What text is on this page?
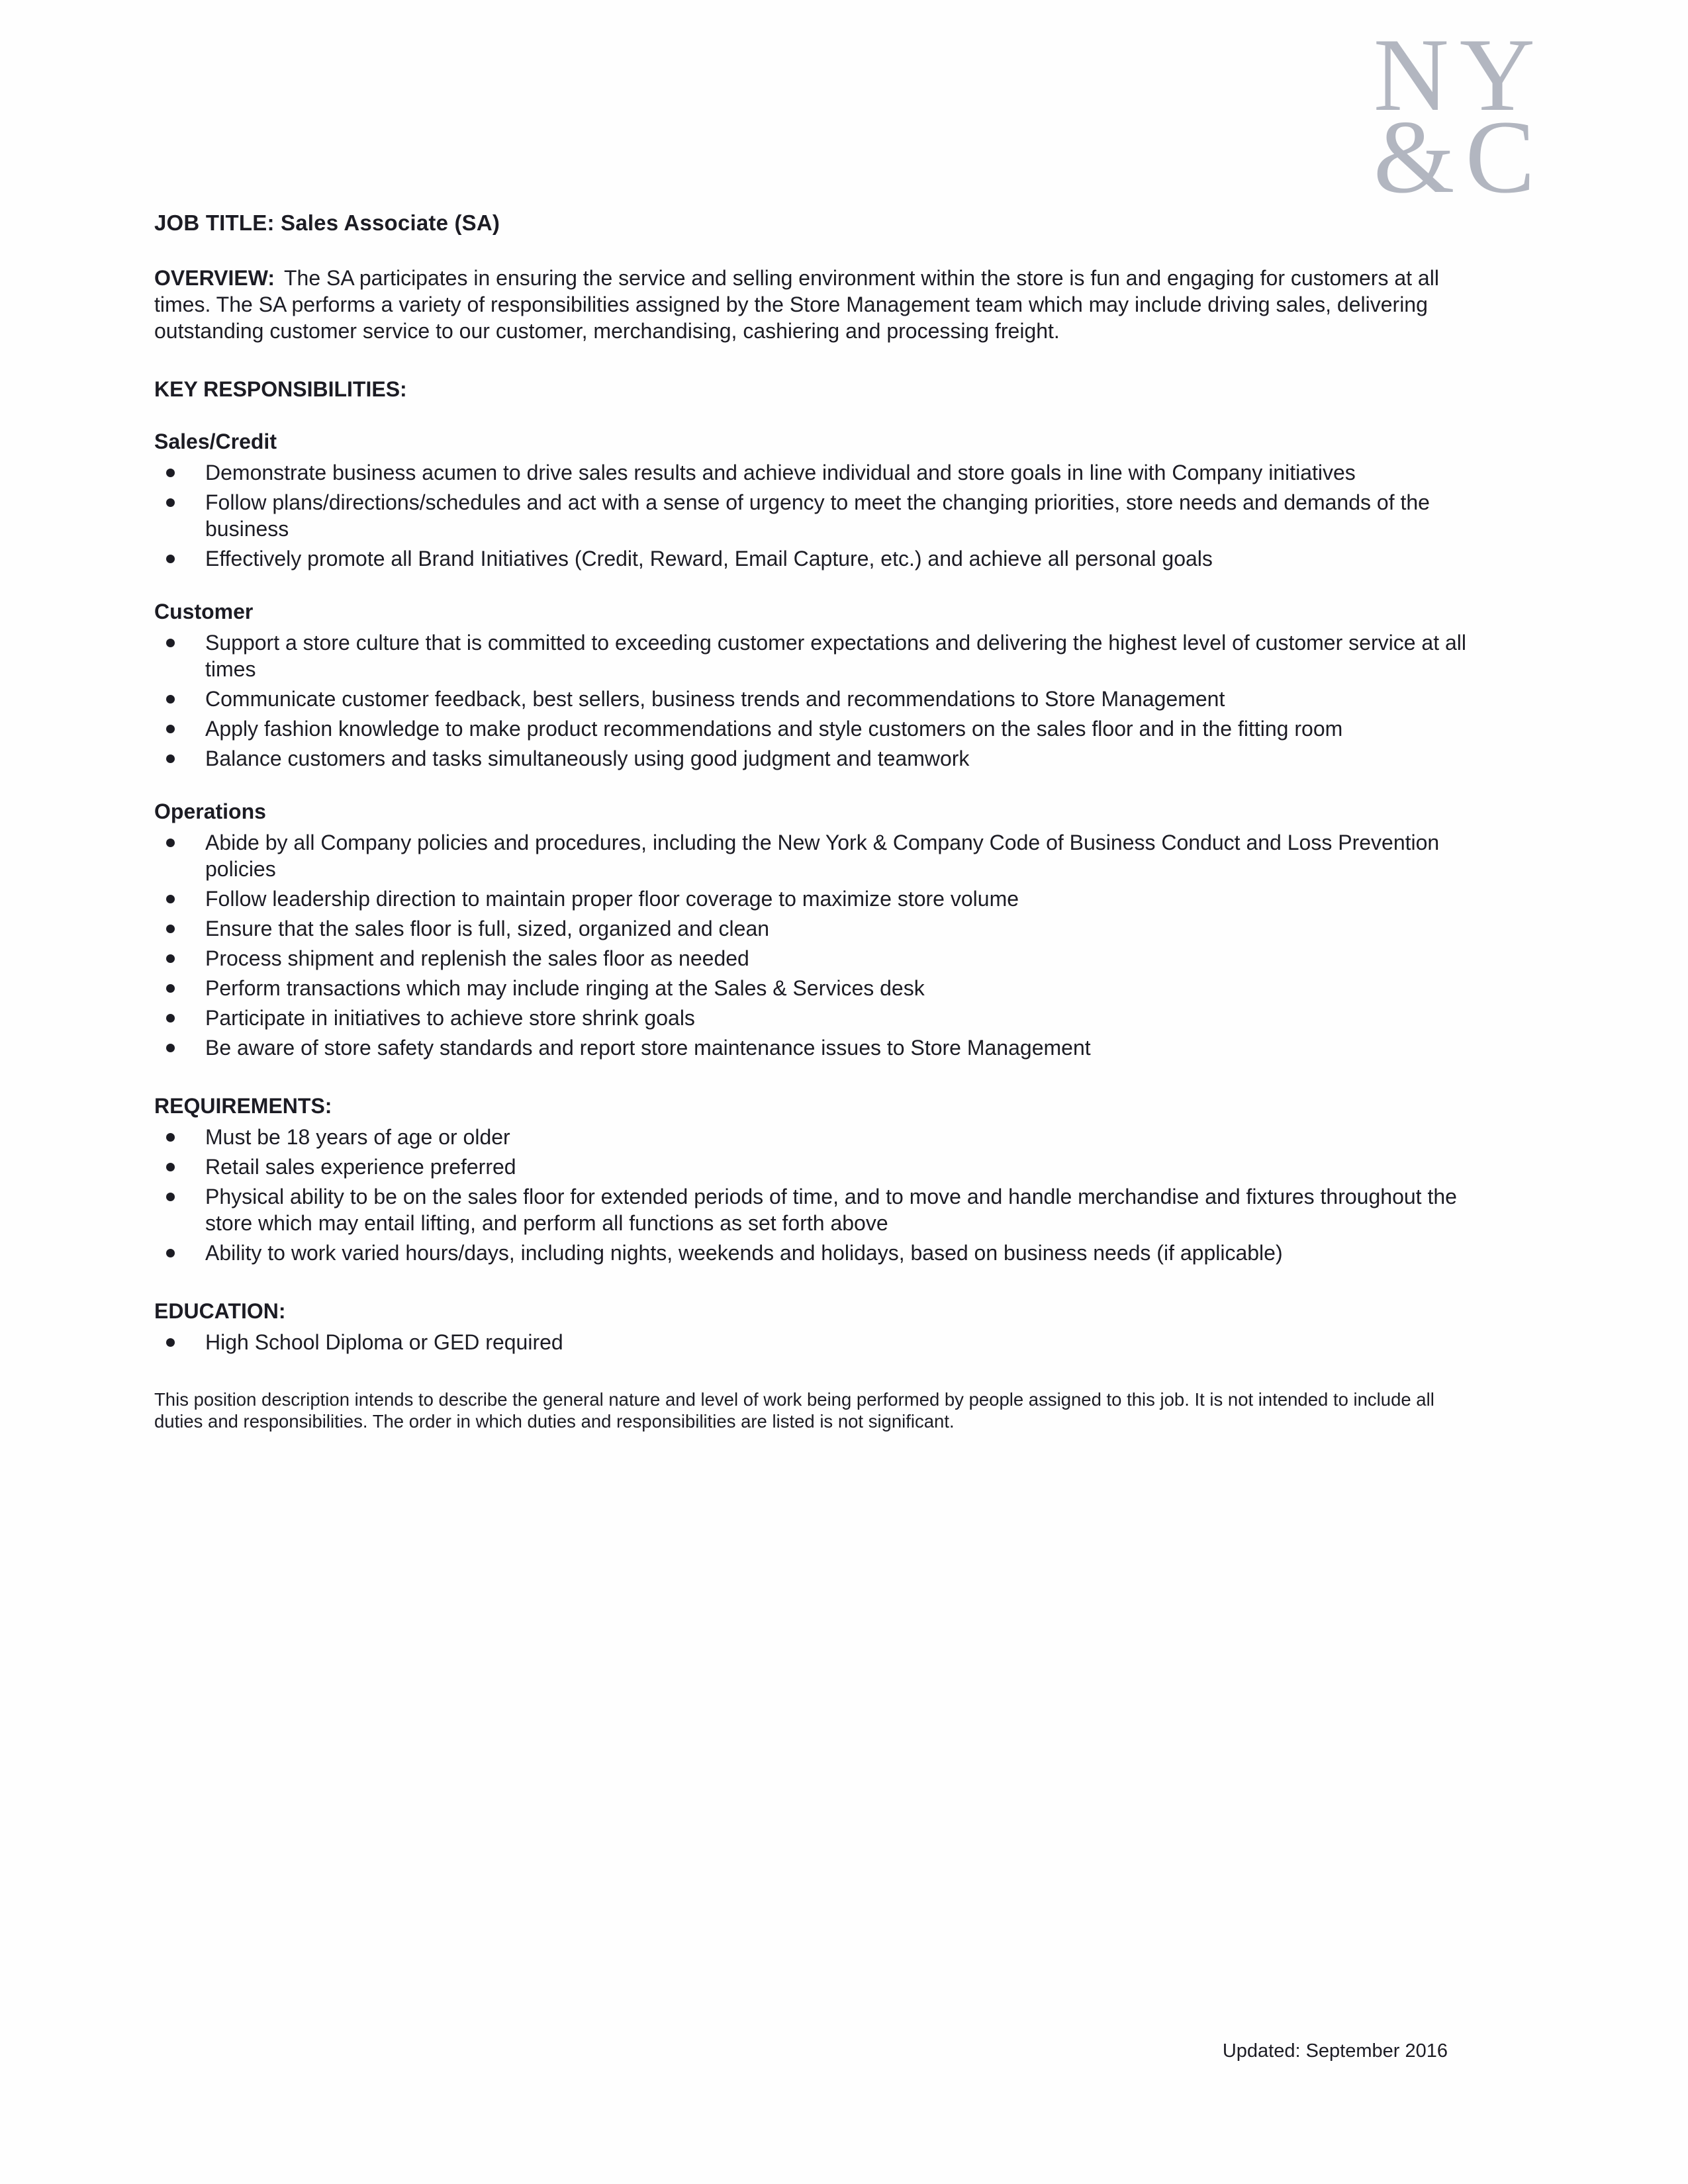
NY
&C
JOB TITLE: Sales Associate (SA)

OVERVIEW: The SA participates in ensuring the service and selling environment within the store is fun and engaging for customers at all times. The SA performs a variety of responsibilities assigned by the Store Management team which may include driving sales, delivering outstanding customer service to our customer, merchandising, cashiering and processing freight.

KEY RESPONSIBILITIES:
Sales/Credit
Demonstrate business acumen to drive sales results and achieve individual and store goals in line with Company initiatives
Follow plans/directions/schedules and act with a sense of urgency to meet the changing priorities, store needs and demands of the business
Effectively promote all Brand Initiatives (Credit, Reward, Email Capture, etc.) and achieve all personal goals
Customer
Support a store culture that is committed to exceeding customer expectations and delivering the highest level of customer service at all times
Communicate customer feedback, best sellers, business trends and recommendations to Store Management
Apply fashion knowledge to make product recommendations and style customers on the sales floor and in the fitting room
Balance customers and tasks simultaneously using good judgment and teamwork
Operations
Abide by all Company policies and procedures, including the New York & Company Code of Business Conduct and Loss Prevention policies
Follow leadership direction to maintain proper floor coverage to maximize store volume
Ensure that the sales floor is full, sized, organized and clean
Process shipment and replenish the sales floor as needed
Perform transactions which may include ringing at the Sales & Services desk
Participate in initiatives to achieve store shrink goals
Be aware of store safety standards and report store maintenance issues to Store Management
REQUIREMENTS:
Must be 18 years of age or older
Retail sales experience preferred
Physical ability to be on the sales floor for extended periods of time, and to move and handle merchandise and fixtures throughout the store which may entail lifting, and perform all functions as set forth above
Ability to work varied hours/days, including nights, weekends and holidays, based on business needs (if applicable)
EDUCATION:
High School Diploma or GED required

This position description intends to describe the general nature and level of work being performed by people assigned to this job. It is not intended to include all duties and responsibilities. The order in which duties and responsibilities are listed is not significant.

Updated: September 2016
